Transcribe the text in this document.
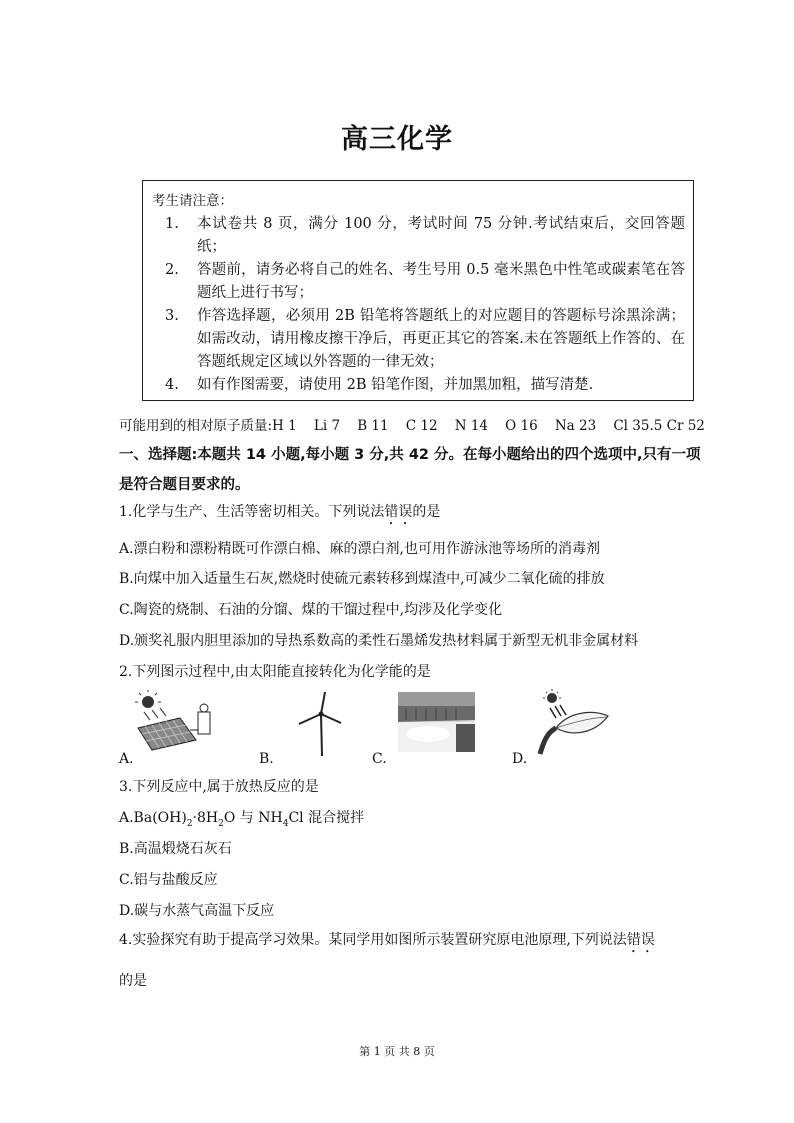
高三化学
考生请注意：
1. 本试卷共 8 页，满分 100 分，考试时间 75 分钟.考试结束后，交回答题纸；
2. 答题前，请务必将自己的姓名、考生号用 0.5 毫米黑色中性笔或碳素笔在答题纸上进行书写；
3. 作答选择题，必须用 2B 铅笔将答题纸上的对应题目的答题标号涂黑涂满；如需改动，请用橡皮擦干净后，再更正其它的答案.未在答题纸上作答的、在答题纸规定区域以外答题的一律无效；
4. 如有作图需要，请使用 2B 铅笔作图，并加黑加粗，描写清楚.
可能用到的相对原子质量:H 1    Li 7    B 11    C 12    N 14    O 16    Na 23    Cl 35.5 Cr 52
一、选择题:本题共 14 小题,每小题 3 分,共 42 分。在每小题给出的四个选项中,只有一项
是符合题目要求的。
1.化学与生产、生活等密切相关。下列说法错误的是
A.漂白粉和漂粉精既可作漂白棉、麻的漂白剂,也可用作游泳池等场所的消毒剂
B.向煤中加入适量生石灰,燃烧时使硫元素转移到煤渣中,可减少二氧化硫的排放
C.陶瓷的烧制、石油的分馏、煤的干馏过程中,均涉及化学变化
D.颁奖礼服内胆里添加的导热系数高的柔性石墨烯发热材料属于新型无机非金属材料
2.下列图示过程中,由太阳能直接转化为化学能的是
A.	B.	C.	D.
3.下列反应中,属于放热反应的是
$A.Ba(OH)_2\cdot 8H_2O$ 与 $NH_4Cl$ 混合搅拌
B.高温煅烧石灰石
C.铝与盐酸反应
D.碳与水蒸气高温下反应
4.实验探究有助于提高学习效果。某同学用如图所示装置研究原电池原理,下列说法错误
的是
第 1 页 共 8 页
